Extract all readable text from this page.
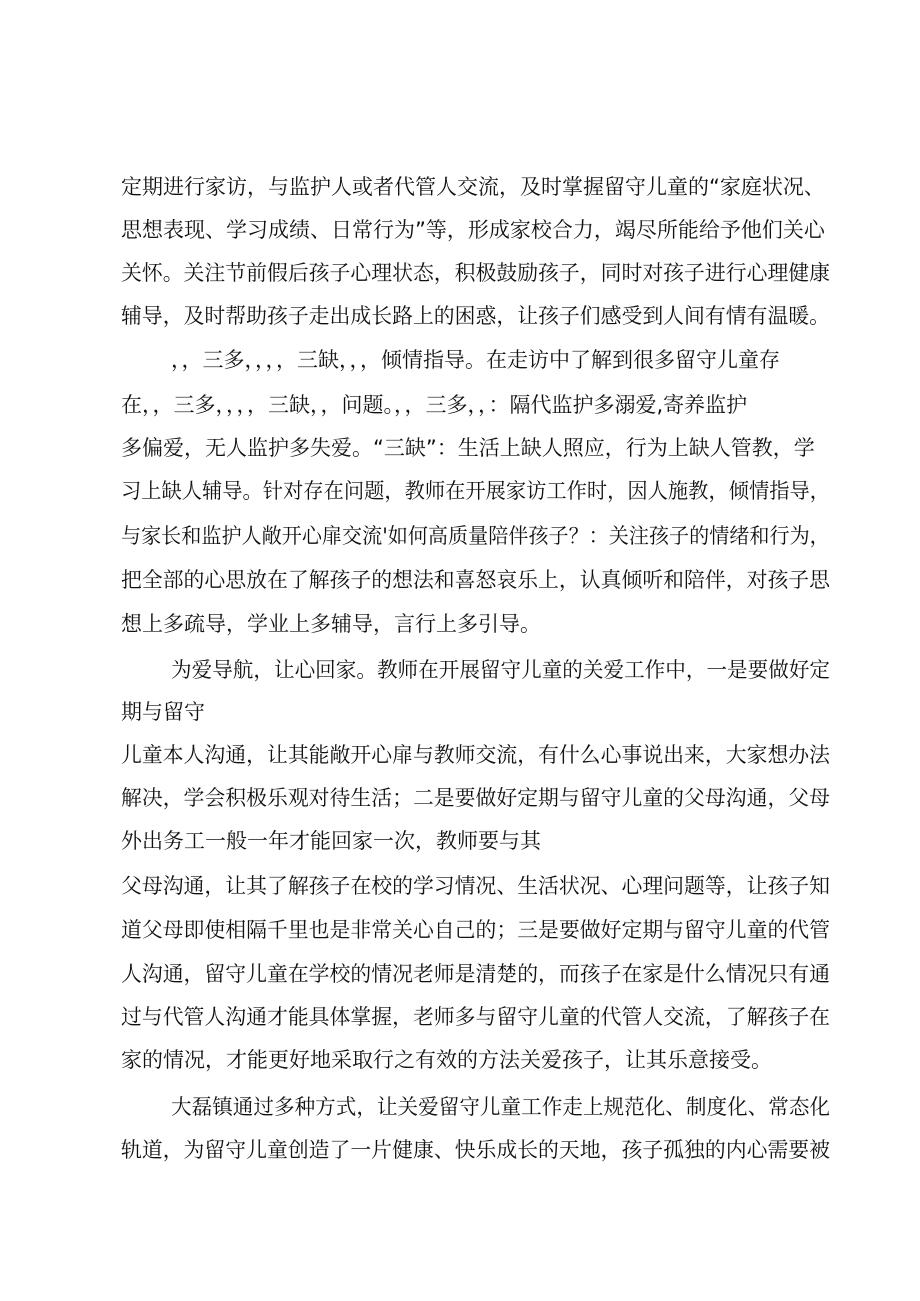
定期进行家访，与监护人或者代管人交流，及时掌握留守儿童的“家庭状况、
思想表现、学习成绩、日常行为”等，形成家校合力，竭尽所能给予他们关心
关怀。关注节前假后孩子心理状态，积极鼓励孩子，同时对孩子进行心理健康
辅导，及时帮助孩子走出成长路上的困惑，让孩子们感受到人间有情有温暖。
，，三多，，，，三缺，，，倾情指导。在走访中了解到很多留守儿童存
在，，三多，，，，三缺，，问题。，，三多，，：隔代监护多溺爱,寄养监护
多偏爱，无人监护多失爱。“三缺”：生活上缺人照应，行为上缺人管教，学
习上缺人辅导。针对存在问题，教师在开展家访工作时，因人施教，倾情指导，
与家长和监护人敞开心扉交流'如何高质量陪伴孩子？：关注孩子的情绪和行为，
把全部的心思放在了解孩子的想法和喜怒哀乐上，认真倾听和陪伴，对孩子思
想上多疏导，学业上多辅导，言行上多引导。
为爱导航，让心回家。教师在开展留守儿童的关爱工作中，一是要做好定
期与留守
儿童本人沟通，让其能敞开心扉与教师交流，有什么心事说出来，大家想办法
解决，学会积极乐观对待生活；二是要做好定期与留守儿童的父母沟通，父母
外出务工一般一年才能回家一次，教师要与其
父母沟通，让其了解孩子在校的学习情况、生活状况、心理问题等，让孩子知
道父母即使相隔千里也是非常关心自己的；三是要做好定期与留守儿童的代管
人沟通，留守儿童在学校的情况老师是清楚的，而孩子在家是什么情况只有通
过与代管人沟通才能具体掌握，老师多与留守儿童的代管人交流，了解孩子在
家的情况，才能更好地采取行之有效的方法关爱孩子，让其乐意接受。
大磊镇通过多种方式，让关爱留守儿童工作走上规范化、制度化、常态化
轨道，为留守儿童创造了一片健康、快乐成长的天地，孩子孤独的内心需要被
